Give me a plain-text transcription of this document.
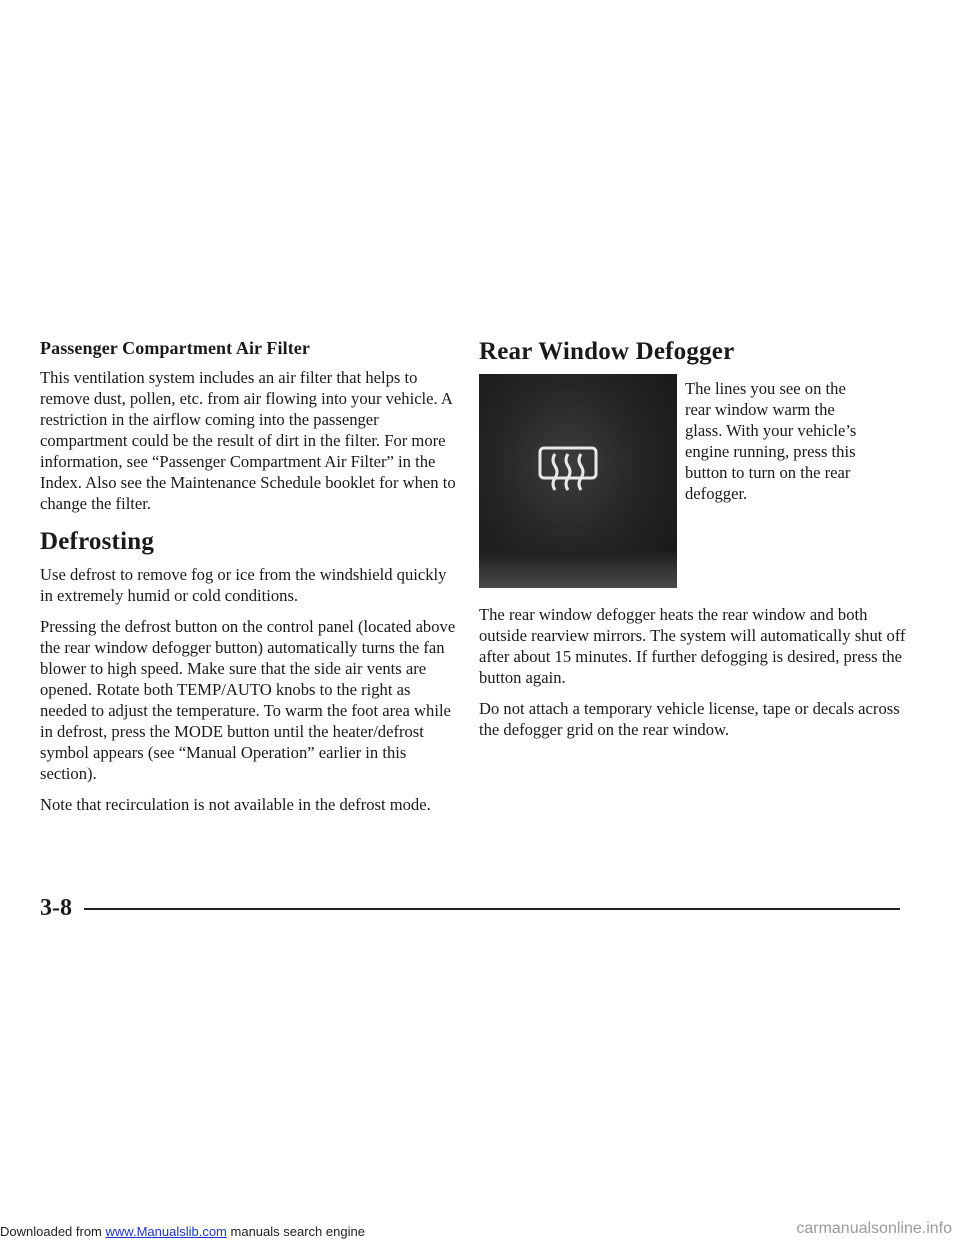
Passenger Compartment Air Filter

This ventilation system includes an air filter that helps to remove dust, pollen, etc. from air flowing into your vehicle. A restriction in the airflow coming into the passenger compartment could be the result of dirt in the filter. For more information, see “Passenger Compartment Air Filter” in the Index. Also see the Maintenance Schedule booklet for when to change the filter.

Defrosting

Use defrost to remove fog or ice from the windshield quickly in extremely humid or cold conditions.

Pressing the defrost button on the control panel (located above the rear window defogger button) automatically turns the fan blower to high speed. Make sure that the side air vents are opened. Rotate both TEMP/AUTO knobs to the right as needed to adjust the temperature. To warm the foot area while in defrost, press the MODE button until the heater/defrost symbol appears (see “Manual Operation” earlier in this section).

Note that recirculation is not available in the defrost mode.

Rear Window Defogger

The lines you see on the rear window warm the glass. With your vehicle’s engine running, press this button to turn on the rear defogger.

The rear window defogger heats the rear window and both outside rearview mirrors. The system will automatically shut off after about 15 minutes. If further defogging is desired, press the button again.

Do not attach a temporary vehicle license, tape or decals across the defogger grid on the rear window.

3-8
Downloaded from www.Manualslib.com manuals search engine	carmanualsonline.info
